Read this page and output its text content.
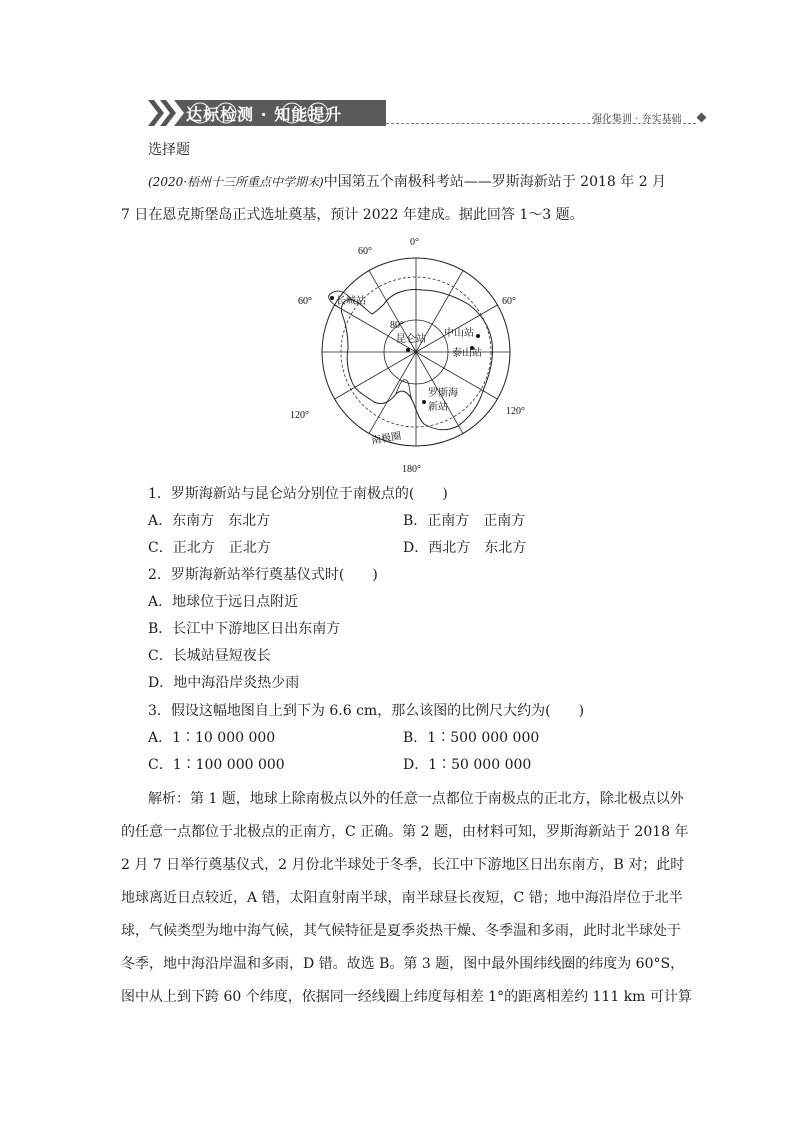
达标检测 · 知能提升	强化集训 · 夯实基础
选择题
(2020·梧州十三所重点中学期末)中国第五个南极科考站——罗斯海新站于 2018 年 2 月
7 日在恩克斯堡岛正式选址奠基，预计 2022 年建成。据此回答 1～3 题。
0°
60°
60°	60°
80°
120°	120°
180°
长城站
昆仑站
中山站
泰山站
罗斯海
新站
南极圈
1．罗斯海新站与昆仑站分别位于南极点的(　　)
A．东南方　东北方	B．正南方　正南方
C．正北方　正北方	D．西北方　东北方
2．罗斯海新站举行奠基仪式时(　　)
A．地球位于远日点附近
B．长江中下游地区日出东南方
C．长城站昼短夜长
D．地中海沿岸炎热少雨
3．假设这幅地图自上到下为 6.6 cm，那么该图的比例尺大约为(　　)
A．1∶10 000 000	B．1∶500 000 000
C．1∶100 000 000	D．1∶50 000 000
解析：第 1 题，地球上除南极点以外的任意一点都位于南极点的正北方，除北极点以外
的任意一点都位于北极点的正南方，C 正确。第 2 题，由材料可知，罗斯海新站于 2018 年
2 月 7 日举行奠基仪式，2 月份北半球处于冬季，长江中下游地区日出东南方，B 对；此时
地球离近日点较近，A 错，太阳直射南半球，南半球昼长夜短，C 错；地中海沿岸位于北半
球，气候类型为地中海气候，其气候特征是夏季炎热干燥、冬季温和多雨，此时北半球处于
冬季，地中海沿岸温和多雨，D 错。故选 B。第 3 题，图中最外围纬线圈的纬度为 60°S，
图中从上到下跨 60 个纬度，依据同一经线圈上纬度每相差 1°的距离相差约 111 km 可计算
